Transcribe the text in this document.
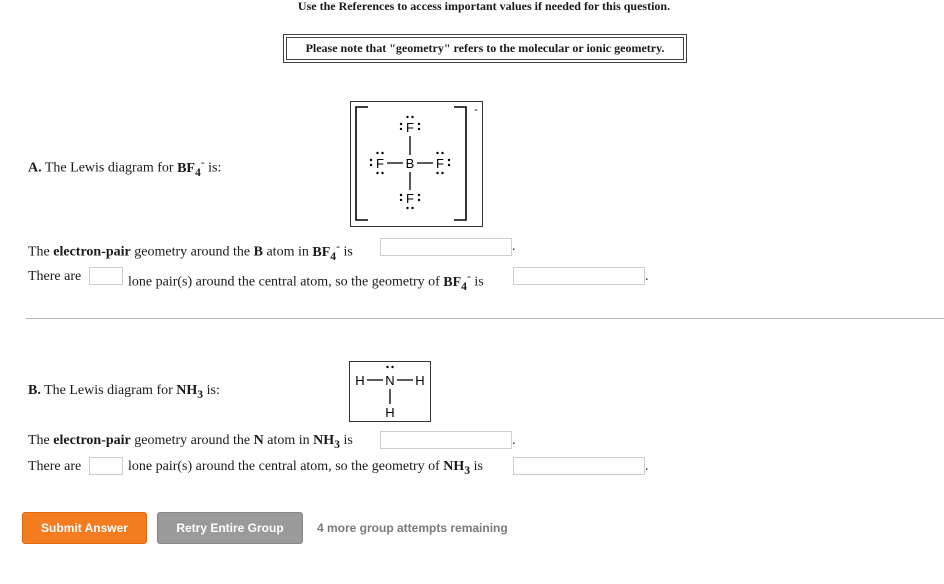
Use the References to access important values if needed for this question.
Please note that "geometry" refers to the molecular or ionic geometry.
A. The Lewis diagram for $BF_4^-$ is:
-
F
B
F	F
F
The electron-pair geometry around the B atom in $BF_4^-$ is	.
There are	lone pair(s) around the central atom, so the geometry of $BF_4^-$ is	.
B. The Lewis diagram for $NH_3$ is:
H N H
H
The electron-pair geometry around the N atom in $NH_3$ is	.
There are	lone pair(s) around the central atom, so the geometry of $NH_3$ is	.
Submit Answer	Retry Entire Group	4 more group attempts remaining
